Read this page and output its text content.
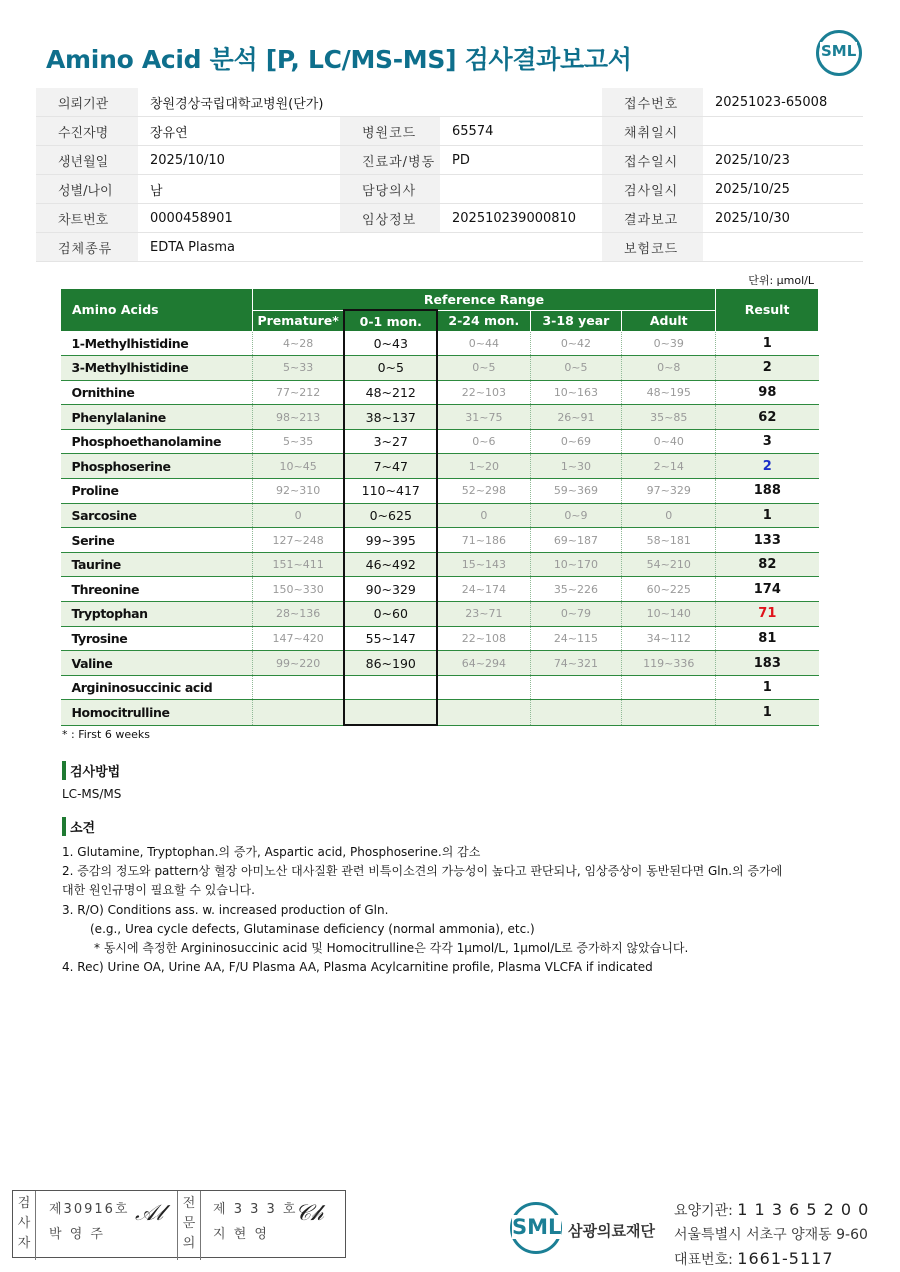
Amino Acid 분석 [P, LC/MS-MS] 검사결과보고서	SML
의뢰기관	창원경상국립대학교병원(단가)			접수번호	20251023-65008
수진자명	장유연	병원코드	65574	채취일시	
생년월일	2025/10/10	진료과/병동	PD	접수일시	2025/10/23
성별/나이	남	담당의사		검사일시	2025/10/25
차트번호	0000458901	임상정보	202510239000810	결과보고	2025/10/30
검체종류	EDTA Plasma			보험코드	
단위: μmol/L
Amino Acids	Reference Range					Result
	Premature*	0-1 mon.	2-24 mon.	3-18 year	Adult	
1-Methylhistidine	4~28	0~43	0~44	0~42	0~39	1
3-Methylhistidine	5~33	0~5	0~5	0~5	0~8	2
Ornithine	77~212	48~212	22~103	10~163	48~195	98
Phenylalanine	98~213	38~137	31~75	26~91	35~85	62
Phosphoethanolamine	5~35	3~27	0~6	0~69	0~40	3
Phosphoserine	10~45	7~47	1~20	1~30	2~14	2
Proline	92~310	110~417	52~298	59~369	97~329	188
Sarcosine	0	0~625	0	0~9	0	1
Serine	127~248	99~395	71~186	69~187	58~181	133
Taurine	151~411	46~492	15~143	10~170	54~210	82
Threonine	150~330	90~329	24~174	35~226	60~225	174
Tryptophan	28~136	0~60	23~71	0~79	10~140	71
Tyrosine	147~420	55~147	22~108	24~115	34~112	81
Valine	99~220	86~190	64~294	74~321	119~336	183
Argininosuccinic acid						1
Homocitrulline						1
* : First 6 weeks
검사방법
LC-MS/MS
소견
1. Glutamine, Tryptophan.의 증가, Aspartic acid, Phosphoserine.의 감소
2. 증감의 정도와 pattern상 혈장 아미노산 대사질환 관련 비특이소견의 가능성이 높다고 판단되나, 임상증상이 동반된다면 Gln.의 증가에
대한 원인규명이 필요할 수 있습니다.
3. R/O) Conditions ass. w. increased production of Gln.
(e.g., Urea cycle defects, Glutaminase deficiency (normal ammonia), etc.)
* 동시에 측정한 Argininosuccinic acid 및 Homocitrulline은 각각 1μmol/L, 1μmol/L로 증가하지 않았습니다.
4. Rec) Urine OA, Urine AA, F/U Plasma AA, Plasma Acylcarnitine profile, Plasma VLCFA if indicated
검사자
제30916호
박 영 주
𝒜𝓁	전문의
제 3 3 3 호
지 현 영
𝒞𝒽
SML 삼광의료재단
요양기관: 1 1 3 6 5 2 0 0
서울특별시 서초구 양재동 9-60
대표번호: 1661-5117
